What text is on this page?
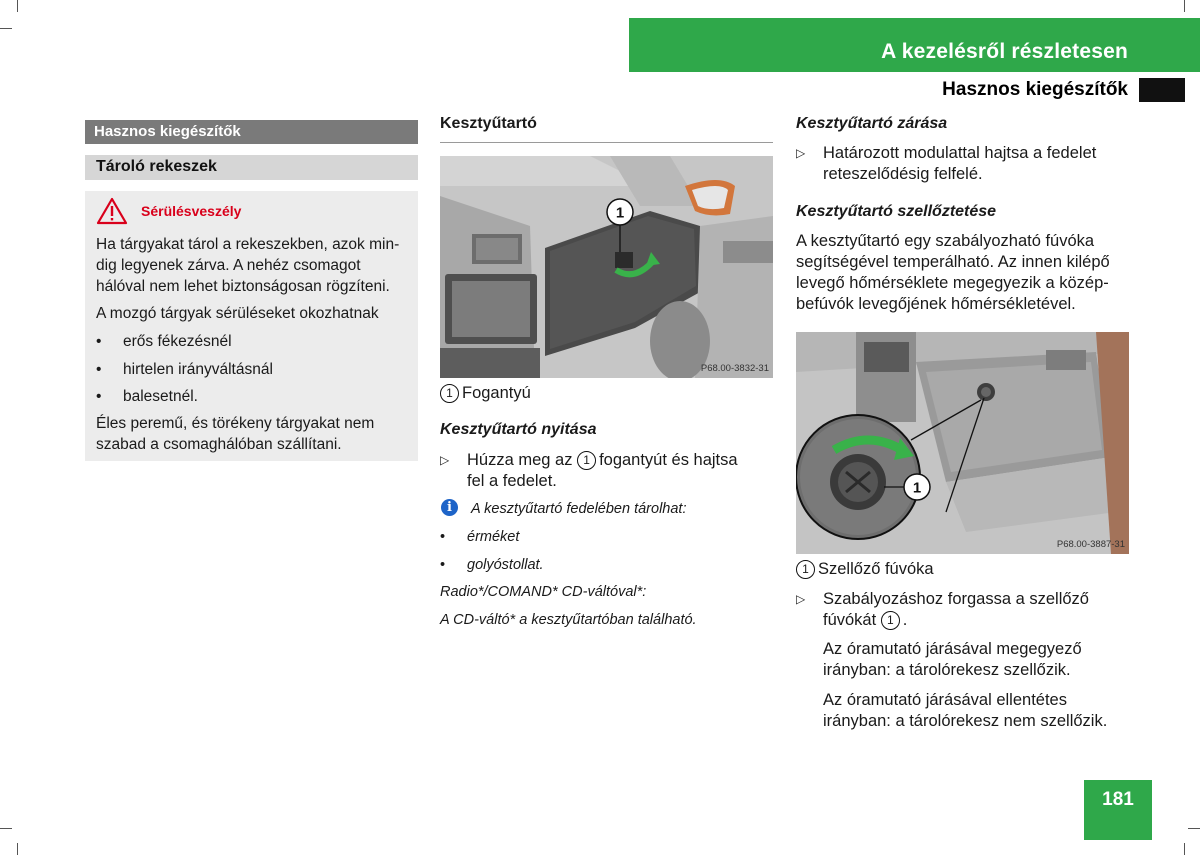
A kezelésről részletesen
Hasznos kiegészítők
Hasznos kiegészítők
Tároló rekeszek
Sérülésveszély
Ha tárgyakat tárol a rekeszekben, azok min-
dig legyenek zárva. A nehéz csomagot
hálóval nem lehet biztonságosan rögzíteni.
A mozgó tárgyak sérüléseket okozhatnak
• erős fékezésnél
• hirtelen irányváltásnál
• balesetnél.
Éles peremű, és törékeny tárgyakat nem
szabad a csomaghálóban szállítani.
Kesztyűtartó
1
P68.00-3832-31
1 Fogantyú
Kesztyűtartó nyitása
▷ Húzza meg az 1 fogantyút és hajtsa
fel a fedelet.
i	A kesztyűtartó fedelében tárolhat:
• érméket
• golyóstollat.
Radio*/COMAND* CD-váltóval*:
A CD-váltó* a kesztyűtartóban található.
Kesztyűtartó zárása
▷ Határozott modulattal hajtsa a fedelet
reteszelődésig felfelé.
Kesztyűtartó szellőztetése
A kesztyűtartó egy szabályozható fúvóka
segítségével temperálható. Az innen kilépő
levegő hőmérséklete megegyezik a közép-
befúvók levegőjének hőmérsékletével.
1
P68.00-3887-31
1 Szellőző fúvóka
▷ Szabályozáshoz forgassa a szellőző
fúvókát 1 .
Az óramutató járásával megegyező
irányban: a tárolórekesz szellőzik.
Az óramutató járásával ellentétes
irányban: a tárolórekesz nem szellőzik.
181
